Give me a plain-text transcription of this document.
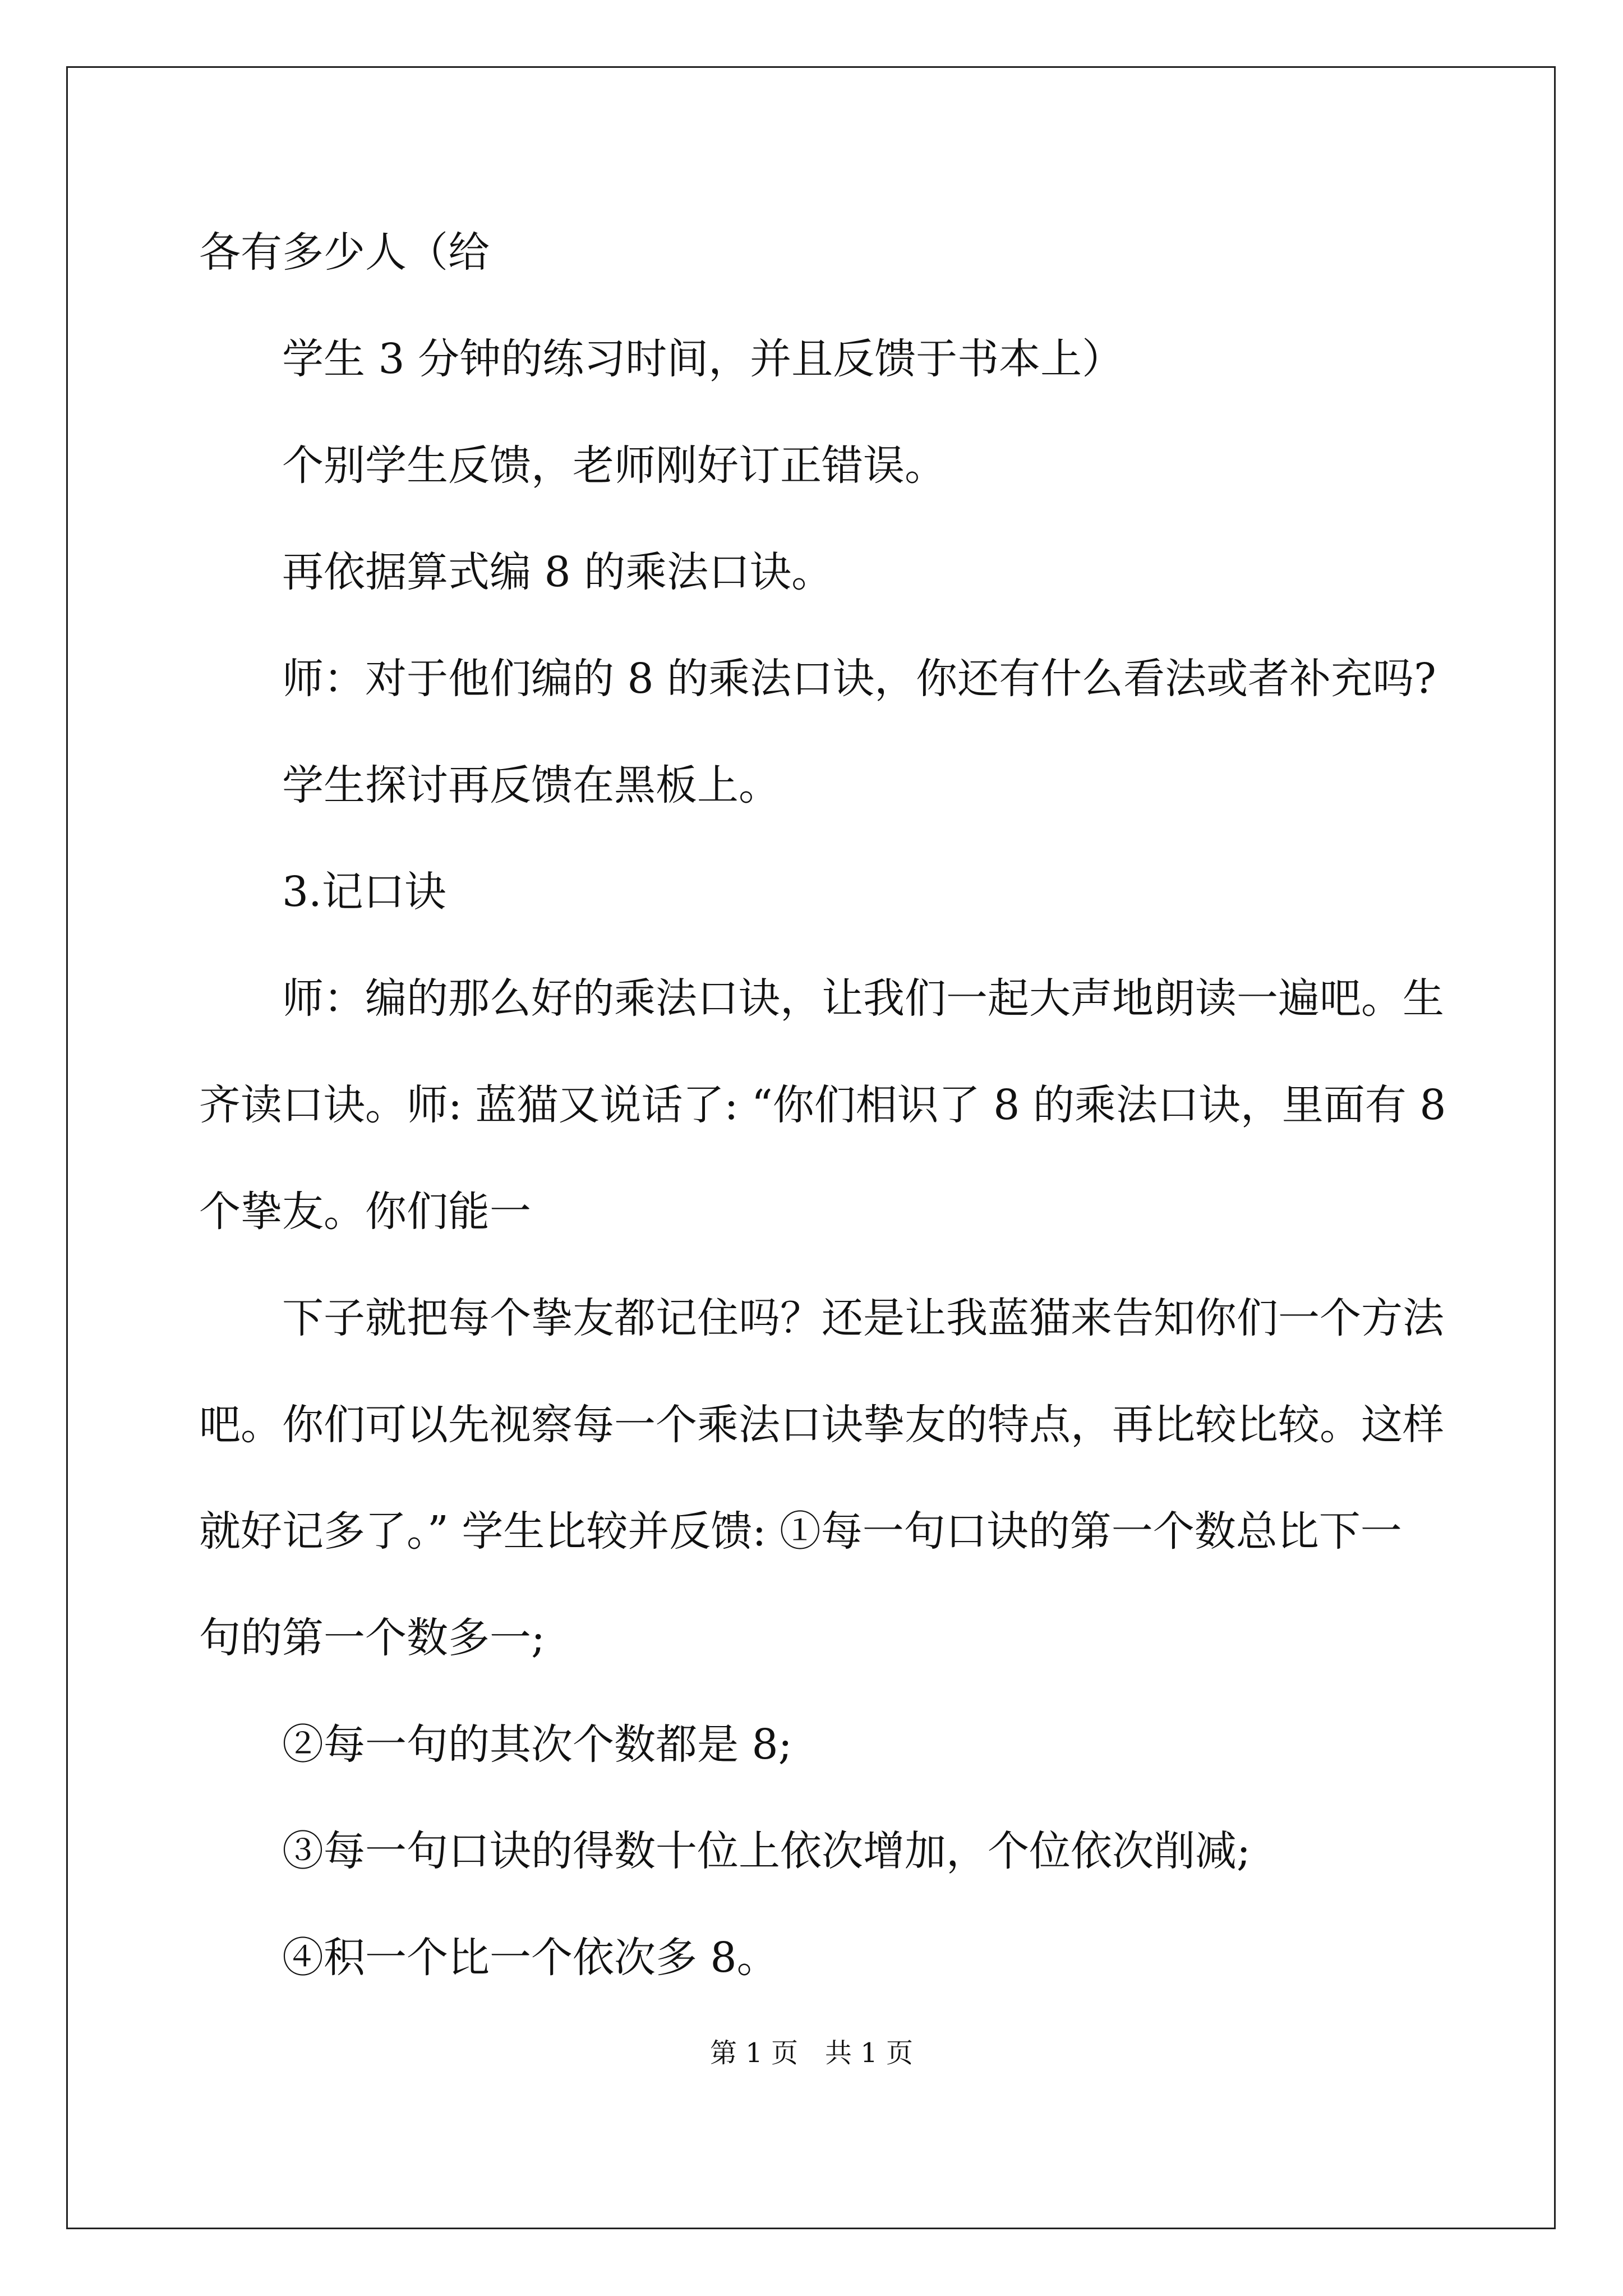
各有多少人（给
　　学生 3 分钟的练习时间，并且反馈于书本上）
　　个别学生反馈，老师刚好订正错误。
　　再依据算式编 8 的乘法口诀。
　　师：对于他们编的 8 的乘法口诀，你还有什么看法或者补充吗?
　　学生探讨再反馈在黑板上。
　　3.记口诀
　　师：编的那么好的乘法口诀，让我们一起大声地朗读一遍吧。生
齐读口诀。师: 蓝猫又说话了: “你们相识了 8 的乘法口诀，里面有 8
个挚友。你们能一
　　下子就把每个挚友都记住吗？还是让我蓝猫来告知你们一个方法
吧。你们可以先视察每一个乘法口诀挚友的特点，再比较比较。这样
就好记多了。” 学生比较并反馈: ①每一句口诀的第一个数总比下一
句的第一个数多一;
　　②每一句的其次个数都是 8;
　　③每一句口诀的得数十位上依次增加，个位依次削减;
　　④积一个比一个依次多 8。
第 1 页　共 1 页
